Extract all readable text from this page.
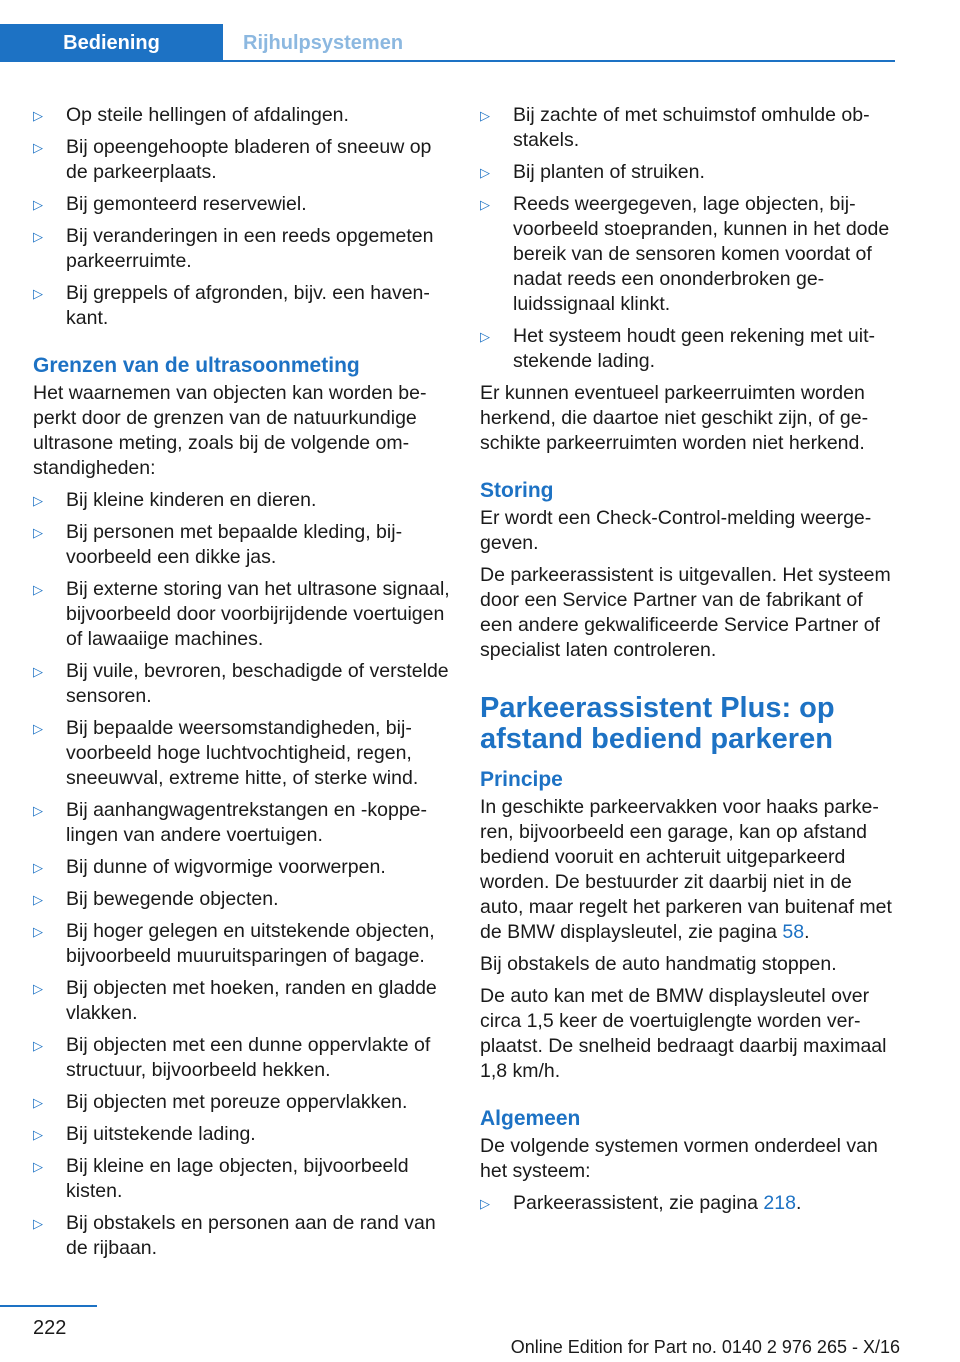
Bediening	Rijhulpsystemen
▷	Op steile hellingen of afdalingen.
▷	Bij opeengehoopte bladeren of sneeuw op de parkeerplaats.
▷	Bij gemonteerd reservewiel.
▷	Bij veranderingen in een reeds opgemeten parkeerruimte.
▷	Bij greppels of afgronden, bijv. een havenkant.
Grenzen van de ultrasoonmeting

Het waarnemen van objecten kan worden beperkt door de grenzen van de natuurkundige ultrasone meting, zoals bij de volgende omstandigheden:

▷	Bij kleine kinderen en dieren.
▷	Bij personen met bepaalde kleding, bijvoorbeeld een dikke jas.
▷	Bij externe storing van het ultrasone signaal, bijvoorbeeld door voorbijrijdende voertuigen of lawaaiige machines.
▷	Bij vuile, bevroren, beschadigde of verstelde sensoren.
▷	Bij bepaalde weersomstandigheden, bijvoorbeeld hoge luchtvochtigheid, regen, sneeuwval, extreme hitte, of sterke wind.
▷	Bij aanhangwagentrekstangen en -koppelingen van andere voertuigen.
▷	Bij dunne of wigvormige voorwerpen.
▷	Bij bewegende objecten.
▷	Bij hoger gelegen en uitstekende objecten, bijvoorbeeld muuruitsparingen of bagage.
▷	Bij objecten met hoeken, randen en gladde vlakken.
▷	Bij objecten met een dunne oppervlakte of structuur, bijvoorbeeld hekken.
▷	Bij objecten met poreuze oppervlakken.
▷	Bij uitstekende lading.
▷	Bij kleine en lage objecten, bijvoorbeeld kisten.
▷	Bij obstakels en personen aan de rand van de rijbaan.
▷	Bij zachte of met schuimstof omhulde obstakels.
▷	Bij planten of struiken.
▷	Reeds weergegeven, lage objecten, bijvoorbeeld stoepranden, kunnen in het dode bereik van de sensoren komen voordat of nadat reeds een ononderbroken geluidssignaal klinkt.
▷	Het systeem houdt geen rekening met uitstekende lading.

Er kunnen eventueel parkeerruimten worden herkend, die daartoe niet geschikt zijn, of geschikte parkeerruimten worden niet herkend.

Storing

Er wordt een Check-Control-melding weergegeven.

De parkeerassistent is uitgevallen. Het systeem door een Service Partner van de fabrikant of een andere gekwalificeerde Service Partner of specialist laten controleren.

Parkeerassistent Plus: op afstand bediend parkeren
Principe

In geschikte parkeervakken voor haaks parkeren, bijvoorbeeld een garage, kan op afstand bediend vooruit en achteruit uitgeparkeerd worden. De bestuurder zit daarbij niet in de auto, maar regelt het parkeren van buitenaf met de BMW displaysleutel, zie pagina 58.

Bij obstakels de auto handmatig stoppen.

De auto kan met de BMW displaysleutel over circa 1,5 keer de voertuiglengte worden verplaatst. De snelheid bedraagt daarbij maximaal 1,8 km/h.

Algemeen

De volgende systemen vormen onderdeel van het systeem:

▷	Parkeerassistent, zie pagina 218.
222
Online Edition for Part no. 0140 2 976 265 - X/16
